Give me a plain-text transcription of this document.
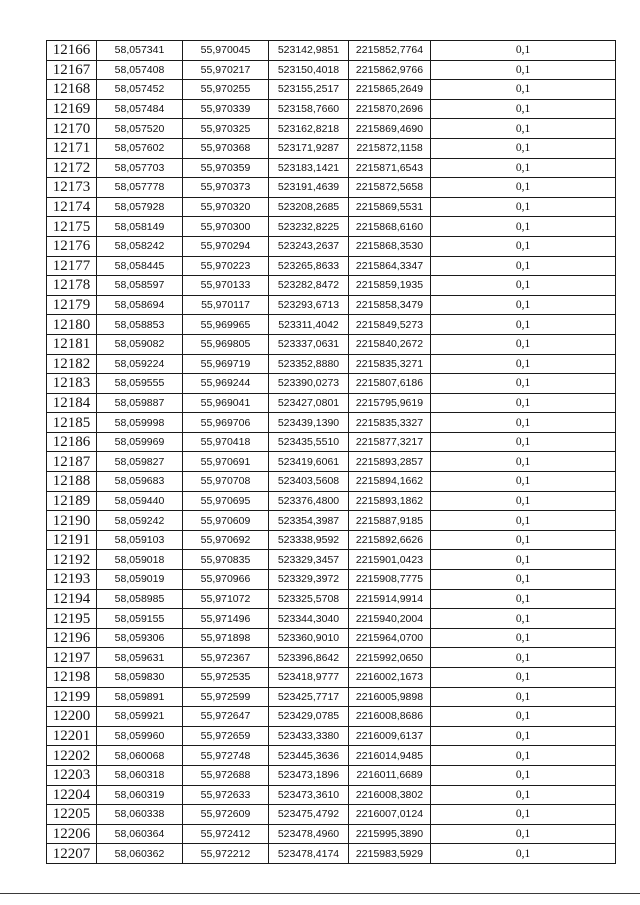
12166	58,057341	55,970045	523142,9851	2215852,7764	0,1
12167	58,057408	55,970217	523150,4018	2215862,9766	0,1
12168	58,057452	55,970255	523155,2517	2215865,2649	0,1
12169	58,057484	55,970339	523158,7660	2215870,2696	0,1
12170	58,057520	55,970325	523162,8218	2215869,4690	0,1
12171	58,057602	55,970368	523171,9287	2215872,1158	0,1
12172	58,057703	55,970359	523183,1421	2215871,6543	0,1
12173	58,057778	55,970373	523191,4639	2215872,5658	0,1
12174	58,057928	55,970320	523208,2685	2215869,5531	0,1
12175	58,058149	55,970300	523232,8225	2215868,6160	0,1
12176	58,058242	55,970294	523243,2637	2215868,3530	0,1
12177	58,058445	55,970223	523265,8633	2215864,3347	0,1
12178	58,058597	55,970133	523282,8472	2215859,1935	0,1
12179	58,058694	55,970117	523293,6713	2215858,3479	0,1
12180	58,058853	55,969965	523311,4042	2215849,5273	0,1
12181	58,059082	55,969805	523337,0631	2215840,2672	0,1
12182	58,059224	55,969719	523352,8880	2215835,3271	0,1
12183	58,059555	55,969244	523390,0273	2215807,6186	0,1
12184	58,059887	55,969041	523427,0801	2215795,9619	0,1
12185	58,059998	55,969706	523439,1390	2215835,3327	0,1
12186	58,059969	55,970418	523435,5510	2215877,3217	0,1
12187	58,059827	55,970691	523419,6061	2215893,2857	0,1
12188	58,059683	55,970708	523403,5608	2215894,1662	0,1
12189	58,059440	55,970695	523376,4800	2215893,1862	0,1
12190	58,059242	55,970609	523354,3987	2215887,9185	0,1
12191	58,059103	55,970692	523338,9592	2215892,6626	0,1
12192	58,059018	55,970835	523329,3457	2215901,0423	0,1
12193	58,059019	55,970966	523329,3972	2215908,7775	0,1
12194	58,058985	55,971072	523325,5708	2215914,9914	0,1
12195	58,059155	55,971496	523344,3040	2215940,2004	0,1
12196	58,059306	55,971898	523360,9010	2215964,0700	0,1
12197	58,059631	55,972367	523396,8642	2215992,0650	0,1
12198	58,059830	55,972535	523418,9777	2216002,1673	0,1
12199	58,059891	55,972599	523425,7717	2216005,9898	0,1
12200	58,059921	55,972647	523429,0785	2216008,8686	0,1
12201	58,059960	55,972659	523433,3380	2216009,6137	0,1
12202	58,060068	55,972748	523445,3636	2216014,9485	0,1
12203	58,060318	55,972688	523473,1896	2216011,6689	0,1
12204	58,060319	55,972633	523473,3610	2216008,3802	0,1
12205	58,060338	55,972609	523475,4792	2216007,0124	0,1
12206	58,060364	55,972412	523478,4960	2215995,3890	0,1
12207	58,060362	55,972212	523478,4174	2215983,5929	0,1
